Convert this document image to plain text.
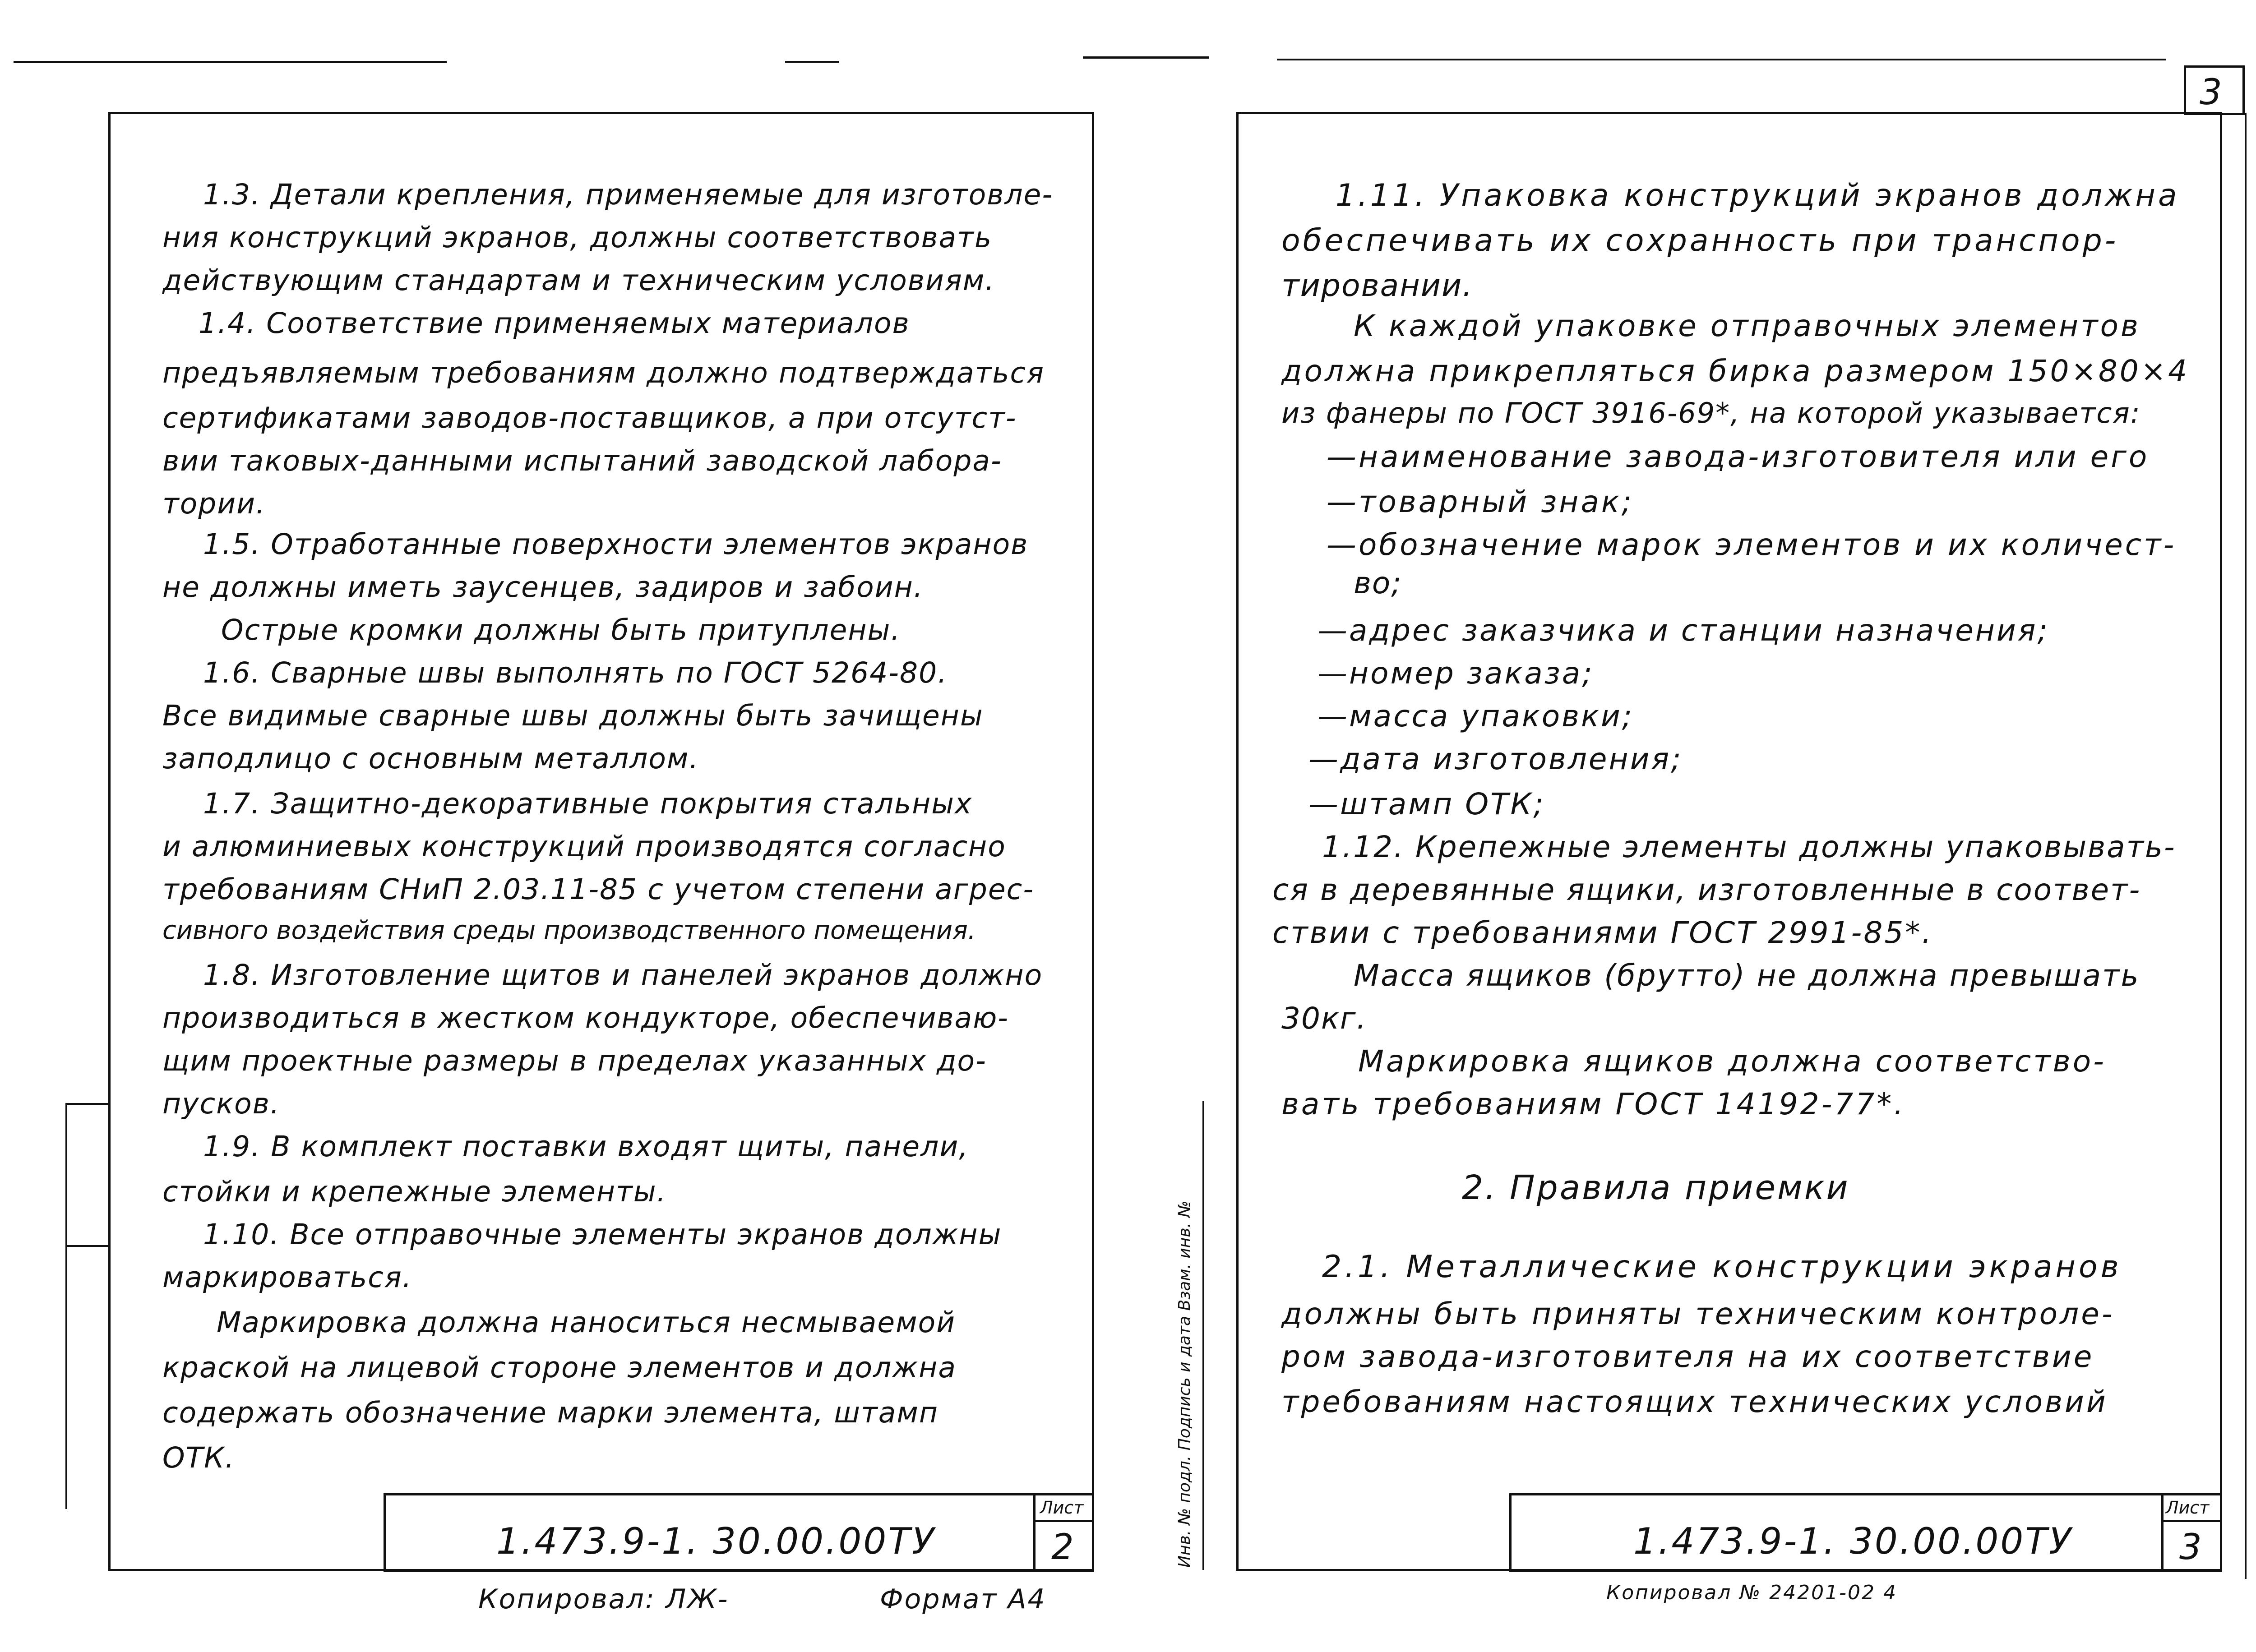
1.3. Детали крепления, применяемые для изготовле-
ния конструкций экранов, должны соответствовать
действующим стандартам и техническим условиям.
1.4. Соответствие применяемых материалов
предъявляемым требованиям должно подтверждаться
сертификатами заводов-поставщиков, а при отсутст-
вии таковых-данными испытаний заводской лабора-
тории.
1.5. Отработанные поверхности элементов экранов
не должны иметь заусенцев, задиров и забоин.
Острые кромки должны быть притуплены.
1.6. Сварные швы выполнять по ГОСТ 5264-80.
Все видимые сварные швы должны быть зачищены
заподлицо с основным металлом.
1.7. Защитно-декоративные покрытия стальных
и алюминиевых конструкций производятся согласно
требованиям СНиП 2.03.11-85 с учетом степени агрес-
сивного воздействия среды производственного помещения.
1.8. Изготовление щитов и панелей экранов должно
производиться в жестком кондукторе, обеспечиваю-
щим проектные размеры в пределах указанных до-
пусков.
1.9. В комплект поставки входят щиты, панели,
стойки и крепежные элементы.
1.10. Все отправочные элементы экранов должны
маркироваться.
Маркировка должна наноситься несмываемой
краской на лицевой стороне элементов и должна
содержать обозначение марки элемента, штамп
ОТК.
1.473.9-1. 30.00.00ТУ
Лист
2
Копировал: ЛЖ-	Формат А4
3
Инв. № подл. Подпись и дата Взам. инв. №
1.11. Упаковка конструкций экранов должна
обеспечивать их сохранность при транспор-
тировании.
К каждой упаковке отправочных элементов
должна прикрепляться бирка размером 150×80×4
из фанеры по ГОСТ 3916-69*, на которой указывается:
—наименование завода-изготовителя или его
—товарный знак;
—обозначение марок элементов и их количест-
во;
—адрес заказчика и станции назначения;
—номер заказа;
—масса упаковки;
—дата изготовления;
—штамп ОТК;
1.12. Крепежные элементы должны упаковывать-
ся в деревянные ящики, изготовленные в соответ-
ствии с требованиями ГОСТ 2991-85*.
Масса ящиков (брутто) не должна превышать
30кг.
Маркировка ящиков должна соответство-
вать требованиям ГОСТ 14192-77*.
2. Правила приемки
2.1. Металлические конструкции экранов
должны быть приняты техническим контроле-
ром завода-изготовителя на их соответствие
требованиям настоящих технических условий
1.473.9-1. 30.00.00ТУ
Лист
3
Копировал № 24201-02 4
